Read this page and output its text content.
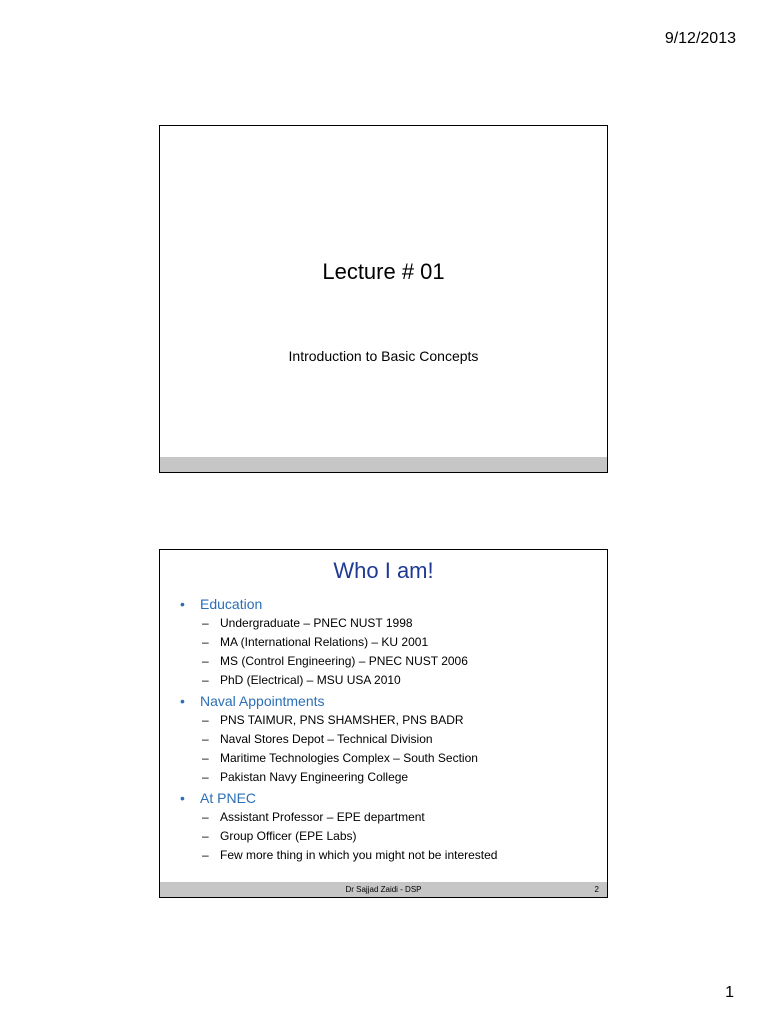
9/12/2013
Lecture # 01
Introduction to Basic Concepts
Who I am!
•	Education
– Undergraduate – PNEC NUST 1998
– MA (International Relations) – KU 2001
– MS (Control Engineering) – PNEC NUST 2006
– PhD (Electrical) – MSU USA 2010
•	Naval Appointments
– PNS TAIMUR, PNS SHAMSHER, PNS BADR
– Naval Stores Depot – Technical Division
– Maritime Technologies Complex – South Section
– Pakistan Navy Engineering College
•	At PNEC
– Assistant Professor – EPE department
– Group Officer (EPE Labs)
– Few more thing in which you might not be interested
Dr Sajjad Zaidi - DSP	2
1
